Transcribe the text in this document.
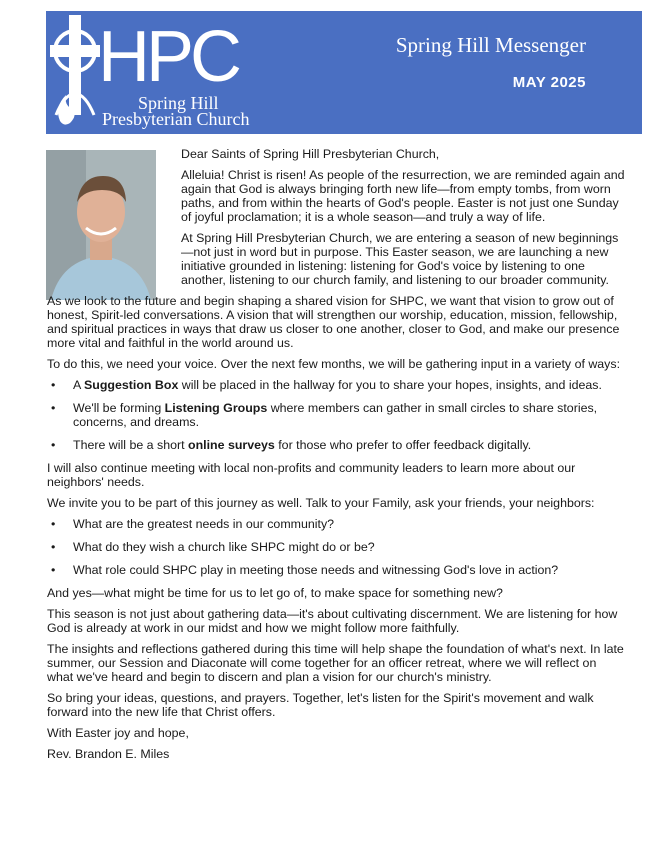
HPC
Spring Hill
Presbyterian Church
Spring Hill Messenger
MAY 2025

Dear Saints of Spring Hill Presbyterian Church,

Alleluia! Christ is risen! As people of the resurrection, we are reminded again and again that God is always bringing forth new life—from empty tombs, from worn paths, and from within the hearts of God's people. Easter is not just one Sunday of joyful proclamation; it is a whole season—and truly a way of life.

At Spring Hill Presbyterian Church, we are entering a season of new beginnings—not just in word but in purpose. This Easter season, we are launching a new initiative grounded in listening: listening for God's voice by listening to one another, listening to our church family, and listening to our broader community.

As we look to the future and begin shaping a shared vision for SHPC, we want that vision to grow out of honest, Spirit-led conversations. A vision that will strengthen our worship, education, mission, fellowship, and spiritual practices in ways that draw us closer to one another, closer to God, and make our presence more vital and faithful in the world around us.

To do this, we need your voice. Over the next few months, we will be gathering input in a variety of ways:

•	A Suggestion Box will be placed in the hallway for you to share your hopes, insights, and ideas.
•	We'll be forming Listening Groups where members can gather in small circles to share stories, concerns, and dreams.
•	There will be a short online surveys for those who prefer to offer feedback digitally.

I will also continue meeting with local non-profits and community leaders to learn more about our neighbors' needs.

We invite you to be part of this journey as well. Talk to your Family, ask your friends, your neighbors:

•	What are the greatest needs in our community?
•	What do they wish a church like SHPC might do or be?
•	What role could SHPC play in meeting those needs and witnessing God's love in action?

And yes—what might be time for us to let go of, to make space for something new?

This season is not just about gathering data—it's about cultivating discernment. We are listening for how God is already at work in our midst and how we might follow more faithfully.

The insights and reflections gathered during this time will help shape the foundation of what's next. In late summer, our Session and Diaconate will come together for an officer retreat, where we will reflect on what we've heard and begin to discern and plan a vision for our church's ministry.

So bring your ideas, questions, and prayers. Together, let's listen for the Spirit's movement and walk forward into the new life that Christ offers.

With Easter joy and hope,

Rev. Brandon E. Miles
